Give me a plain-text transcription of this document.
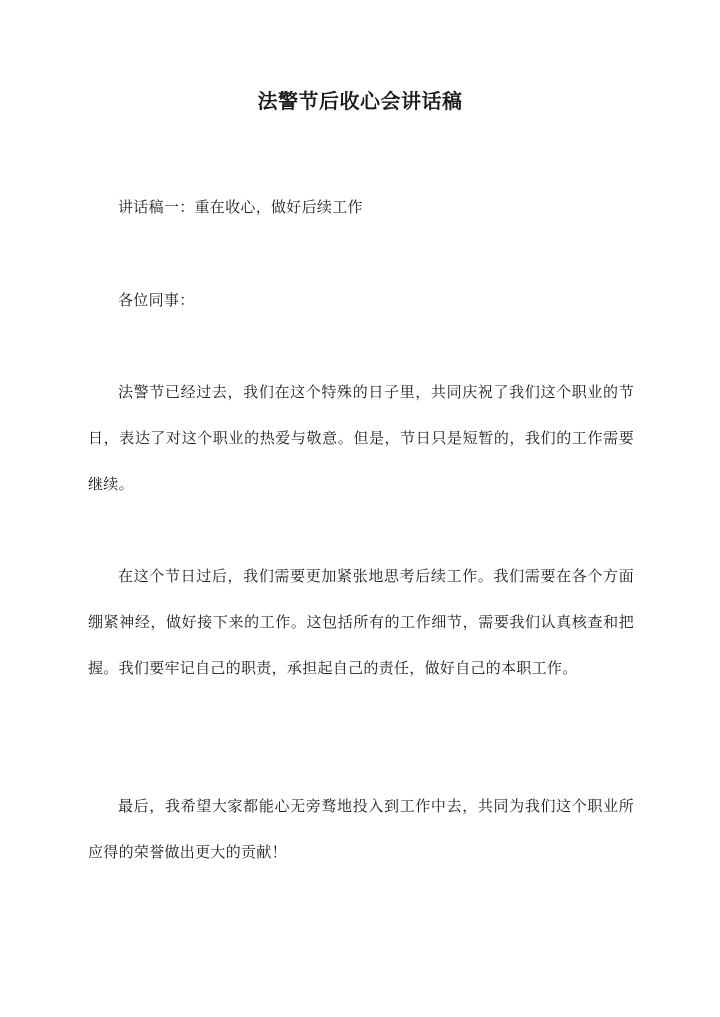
法警节后收心会讲话稿

讲话稿一：重在收心，做好后续工作

各位同事：

法警节已经过去，我们在这个特殊的日子里，共同庆祝了我们这个职业的节日，表达了对这个职业的热爱与敬意。但是，节日只是短暂的，我们的工作需要继续。

在这个节日过后，我们需要更加紧张地思考后续工作。我们需要在各个方面绷紧神经，做好接下来的工作。这包括所有的工作细节，需要我们认真核查和把握。我们要牢记自己的职责，承担起自己的责任，做好自己的本职工作。

最后，我希望大家都能心无旁骛地投入到工作中去，共同为我们这个职业所应得的荣誉做出更大的贡献！
